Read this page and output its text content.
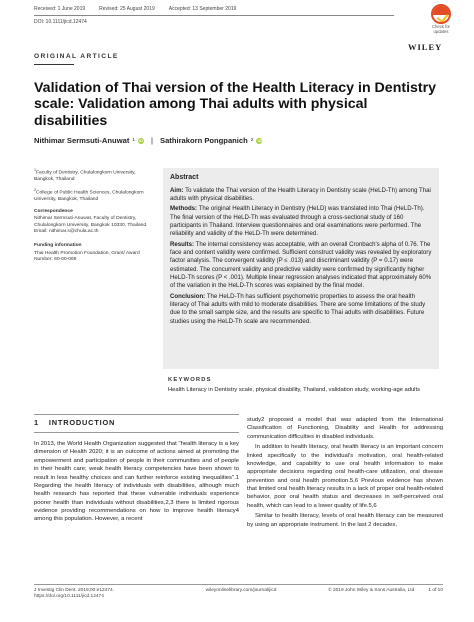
Received: 1 June 2019	Revised: 25 August 2019	Accepted: 13 September 2019
DOI: 10.1111/jicd.12474
Check for
updates
WILEY
ORIGINAL ARTICLE
Validation of Thai version of the Health Literacy in Dentistry scale: Validation among Thai adults with physical disabilities
Nithimar Sermsuti-Anuwat 1 iD | Sathirakorn Pongpanich 2 iD
$^1$Faculty of Dentistry, Chulalongkorn University, Bangkok, Thailand
$^2$College of Public Health Sciences, Chulalongkorn University, Bangkok, Thailand
Correspondence
Nithimar Sermsuti-Anuwat, Faculty of Dentistry, Chulalongkorn University, Bangkok 10330, Thailand.
Email: nithimar.s@chula.ac.th
Funding information
Thai Health Promotion Foundation, Grant/ Award Number: 60-00-069
Abstract

Aim: To validate the Thai version of the Health Literacy in Dentistry scale (HeLD-Th) among Thai adults with physical disabilities.

Methods: The original Health Literacy in Dentistry (HeLD) was translated into Thai (HeLD-Th). The final version of the HeLD-Th was evaluated through a cross-sectional study of 160 participants in Thailand. Interview questionnaires and oral examinations were performed. The reliability and validity of the HeLD-Th were determined.

Results: The internal consistency was acceptable, with an overall Cronbach's alpha of 0.76. The face and content validity were confirmed. Sufficient construct validity was revealed by exploratory factor analysis. The convergent validity (P ≤ .013) and discriminant validity (P = 0.17) were estimated. The concurrent validity and predictive validity were confirmed by significantly higher HeLD-Th scores (P < .001). Multiple linear regression analyses indicated that approximately 60% of the variation in the HeLD-Th scores was explained by the final model.

Conclusion: The HeLD-Th has sufficient psychometric properties to assess the oral health literacy of Thai adults with mild to moderate disabilities. There are some limitations of the study due to the small sample size, and the results are specific to Thai adults with disabilities. Future studies using the HeLD-Th scale are recommended.

KEYWORDS
Health Literacy in Dentistry scale, physical disability, Thailand, validation study, working-age adults
1 INTRODUCTION

In 2013, the World Health Organization suggested that "health literacy is a key dimension of Health 2020; it is an outcome of actions aimed at promoting the empowerment and participation of people in their communities and of people in their health care; weak health literacy competencies have been shown to result in less healthy choices and can further reinforce existing inequalities".1 Regarding the health literacy of individuals with disabilities, although much health research has reported that these vulnerable individuals experience poorer health than individuals without disabilities,2,3 there is limited rigorous evidence providing recommendations on how to improve health literacy4 among this population. However, a recent

study2 proposed a model that was adapted from the International Classification of Functioning, Disability and Health for addressing communication difficulties in disabled individuals.

In addition to health literacy, oral health literacy is an important concern linked specifically to the individual's motivation, oral health-related knowledge, and capability to use oral health information to make appropriate decisions regarding oral health-care utilization, oral disease prevention and oral health promotion.5,6 Previous evidence has shown that limited oral health literacy results in a lack of proper oral health-related behavior, poor oral health status and decreases in self-perceived oral health, which can lead to a lower quality of life.5,6

Similar to health literacy, levels of oral health literacy can be measured by using an appropriate instrument. In the last 2 decades,

J Investig Clin Dent. 2019;00:e12474.
https://doi.org/10.1111/jicd.12474
wileyonlinelibrary.com/journal/jicd	© 2019 John Wiley & Sons Australia, Ltd	1 of 10
